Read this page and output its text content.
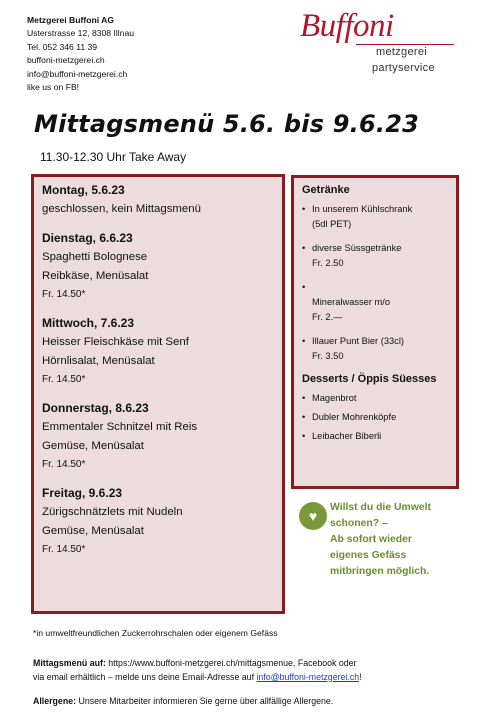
Metzgerei Buffoni AG
Usterstrasse 12, 8308 Illnau
Tel. 052 346 11 39
buffoni-metzgerei.ch
info@buffoni-metzgerei.ch
like us on FB!
Buffoni
metzgerei
partyservice
Mittagsmenü 5.6. bis 9.6.23
11.30-12.30 Uhr Take Away
Montag, 5.6.23
geschlossen, kein Mittagsmenü
Dienstag, 6.6.23
Spaghetti Bolognese
Reibkäse, Menüsalat
Fr. 14.50*
Mittwoch, 7.6.23
Heisser Fleischkäse mit Senf
Hörnlisalat, Menüsalat
Fr. 14.50*
Donnerstag, 8.6.23
Emmentaler Schnitzel mit Reis
Gemüse, Menüsalat
Fr. 14.50*
Freitag, 9.6.23
Zürigschnätzlets mit Nudeln
Gemüse, Menüsalat
Fr. 14.50*
Getränke
• In unserem Kühlschrank
(5dl PET)
• diverse Süssgetränke
Fr. 2.50
•
Mineralwasser m/o
Fr. 2.—
• Illauer Punt Bier (33cl)
Fr. 3.50
Desserts / Öppis Süesses
• Magenbrot
• Dubler Mohrenköpfe
• Leibacher Biberli
♥
Willst du die Umwelt
schonen? –
Ab sofort wieder
eigenes Gefäss
mitbringen möglich.
*in umweltfreundlichen Zuckerrohrschalen oder eigenem Gefäss
Mittagsmenü auf: https://www.buffoni-metzgerei.ch/mittagsmenue, Facebook oder
via email erhältlich – melde uns deine Email-Adresse auf info@buffoni-metzgerei.ch!
Allergene: Unsere Mitarbeiter informieren Sie gerne über allfällige Allergene.
